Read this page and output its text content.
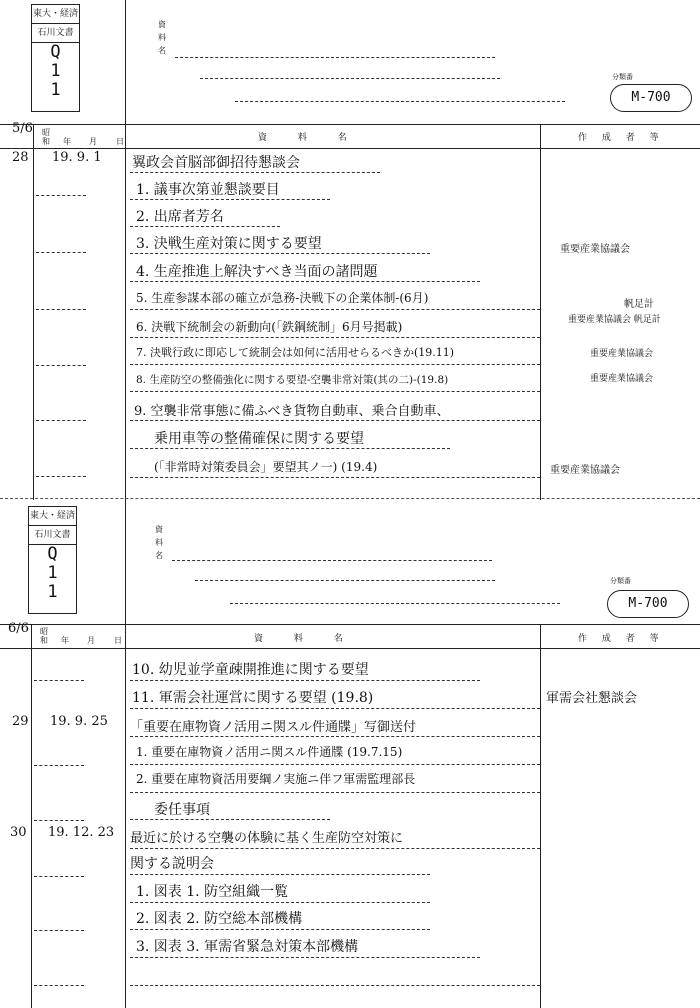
東大・経済
石川文書
Q
1
1
資
料
名
分類番
M-700
5/6 昭和 年 月 日	資 料 名	作 成 者 等
28 19. 9. 1 翼政会首脳部御招待懇談会
1. 議事次第並懇談要目
2. 出席者芳名
3. 決戦生産対策に関する要望	重要産業協議会
4. 生産推進上解決すべき当面の諸問題
5. 生産参謀本部の確立が急務-決戦下の企業体制-(6月)	帆足計
6. 決戦下統制会の新動向(「鉄鋼統制」6月号掲載)	重要産業協議会 帆足計
7. 決戦行政に即応して統制会は如何に活用せらるべきか(19.11)	重要産業協議会
8. 生産防空の整備強化に関する要望-空襲非常対策(其の二)-(19.8)	重要産業協議会
9. 空襲非常事態に備ふべき貨物自動車、乗合自動車、
乗用車等の整備確保に関する要望
(「非常時対策委員会」要望其ノ一) (19.4)	重要産業協議会
東大・経済
石川文書
Q
1
1
資
料
名
分類番
M-700
6/6 昭和 年 月 日	資 料 名	作 成 者 等
10. 幼児並学童疎開推進に関する要望
11. 軍需会社運営に関する要望 (19.8)	軍需会社懇談会
29 19. 9. 25 「重要在庫物資ノ活用ニ関スル件通牒」写御送付
1. 重要在庫物資ノ活用ニ関スル件通牒 (19.7.15)
2. 重要在庫物資活用要綱ノ実施ニ伴フ軍需監理部長
委任事項
30 19. 12. 23 最近に於ける空襲の体験に基く生産防空対策に
関する説明会
1. 図表 1. 防空組織一覧
2. 図表 2. 防空総本部機構
3. 図表 3. 軍需省緊急対策本部機構
